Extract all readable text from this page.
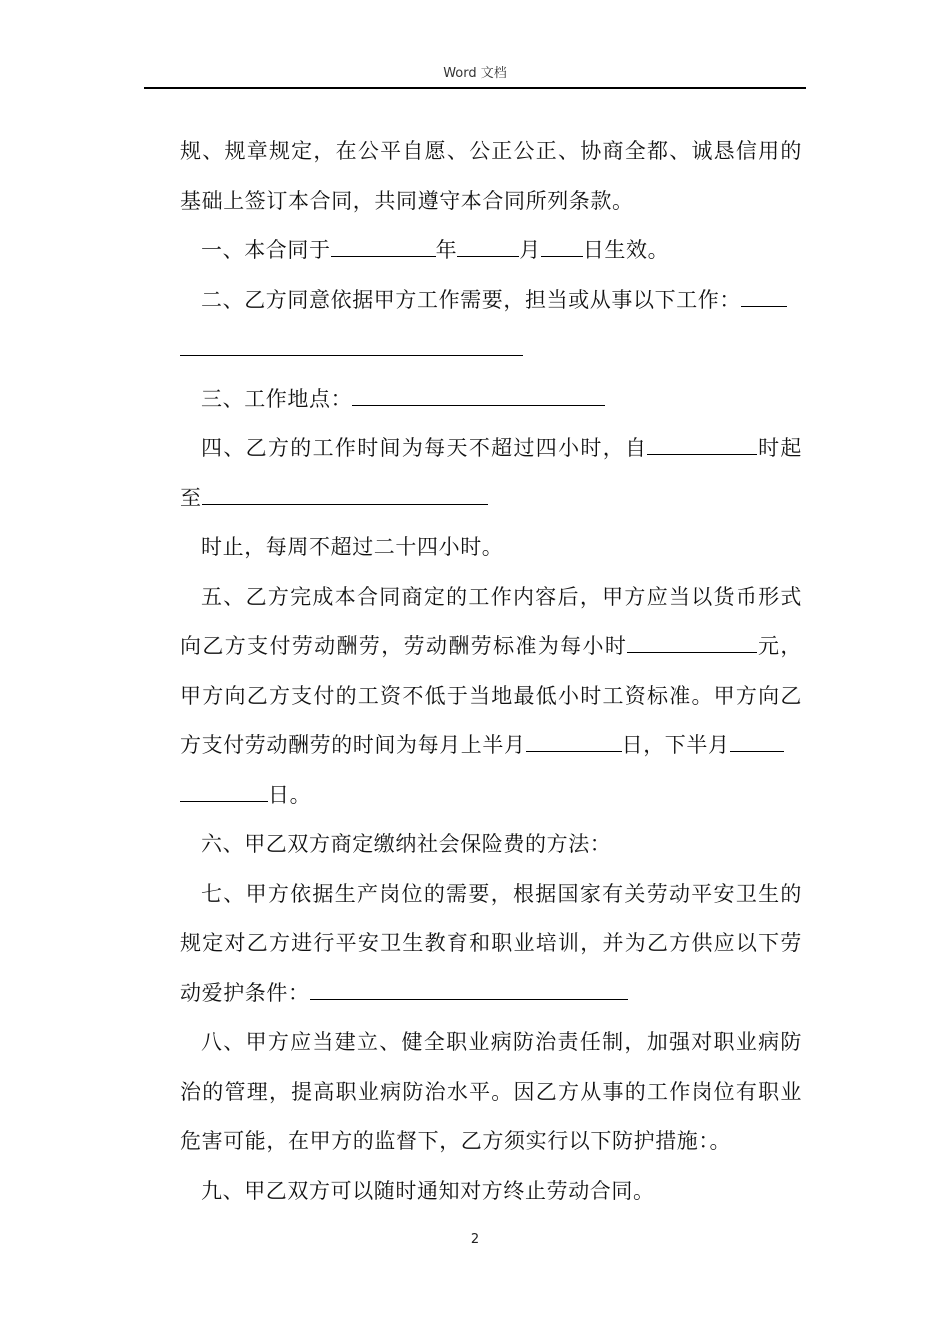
Word 文档

规、规章规定，在公平自愿、公正公正、协商全都、诚恳信用的基础上签订本合同，共同遵守本合同所列条款。

一、本合同于	年	月 日生效。

二、乙方同意依据甲方工作需要，担当或从事以下工作：

三、工作地点：

四、乙方的工作时间为每天不超过四小时，自	时起至

时止，每周不超过二十四小时。

五、乙方完成本合同商定的工作内容后，甲方应当以货币形式向乙方支付劳动酬劳，劳动酬劳标准为每小时	元，甲方向乙方支付的工资不低于当地最低小时工资标准。甲方向乙方支付劳动酬劳的时间为每月上半月	日，下半月
日。

六、甲乙双方商定缴纳社会保险费的方法：

七、甲方依据生产岗位的需要，根据国家有关劳动平安卫生的规定对乙方进行平安卫生教育和职业培训，并为乙方供应以下劳动爱护条件：

八、甲方应当建立、健全职业病防治责任制，加强对职业病防治的管理，提高职业病防治水平。因乙方从事的工作岗位有职业危害可能，在甲方的监督下，乙方须实行以下防护措施：。

九、甲乙双方可以随时通知对方终止劳动合同。

2
